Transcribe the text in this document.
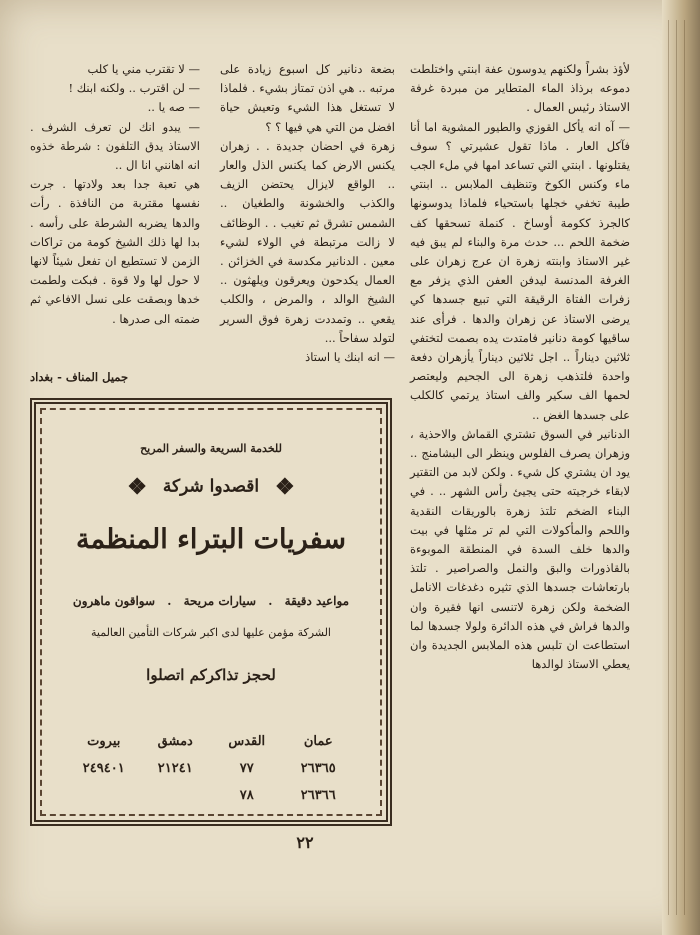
لأؤذ بشراً ولكنهم يدوسون عفة ابنتي واختلطت دموعه برذاذ الماء المتطاير من مبردة غرفة الاستاذ رئيس العمال .

— آه انه يأكل القوزي والطيور المشوية اما أنا فآكل العار . ماذا تقول عشيرتي ؟ سوف يقتلونها . ابنتي التي تساعد امها في ملء الجب ماء وكنس الكوخ وتنظيف الملابس .. ابنتي طيبة تخفي خجلها باستحياء فلماذا يدوسونها كالجرذ ككومة أوساخ . كنملة تسحقها كف ضخمة اللحم ... حدث مرة والبناء لم يبق فيه غير الاستاذ وابنته زهرة ان عرج زهران على الغرفة المدنسة ليدفن العفن الذي يزفر مع زفرات الفتاة الرقيقة التي تبيع جسدها كي يرضى الاستاذ عن زهران والدها . فرأى عند ساقيها كومة دنانير فامتدت يده بصمت لتختفي ثلاثين ديناراً .. اجل ثلاثين ديناراً يأزهران دفعة واحدة فلتذهب زهرة الى الجحيم وليعتصر لحمها الف سكير والف استاذ يرتمي كالكلب على جسدها الغض ..

الدنانير في السوق تشتري القماش والاحذية ، وزهران يصرف الفلوس وينظر الى البشامنج .. يود ان يشتري كل شيء . ولكن لابد من التقتير لابقاء خرجيته حتى يجيئ رأس الشهر .. . في البناء الضخم تلتذ زهرة بالوريقات النقدية واللحم والمأكولات التي لم تر مثلها في بيت والدها خلف السدة في المنطقة الموبوءة بالقاذورات والبق والنمل والصراصير . تلتذ بارتعاشات جسدها الذي تثيره دغدغات الانامل الضخمة ولكن زهرة لاتنسى انها فقيرة وان والدها فراش في هذه الدائرة ولولا جسدها لما استطاعت ان تلبس هذه الملابس الجديدة وان يعطي الاستاذ لوالدها

بضعة دنانير كل اسبوع زيادة على مرتبه .. هي اذن تمتاز بشيء . فلماذا لا تستغل هذا الشيء وتعيش حياة افضل من التي هي فيها ؟ ؟

زهرة في احضان جديدة . . زهران يكنس الارض كما يكنس الذل والعار .. الواقع لايزال يحتضن الزيف والكذب والخشونة والطغيان .. الشمس تشرق ثم تغيب . . الوظائف لا زالت مرتبطة في الولاء لشيء معين . الدنانير مكدسة في الخزائن . العمال يكدحون ويعرقون ويلهثون .. الشيخ الوالد ، والمرض ، والكلب يقعي .. وتمددت زهرة فوق السرير لتولد سفاحاً ...

— انه ابنك يا استاذ

— لا تقترب مني يا كلب

— لن اقترب .. ولكنه ابنك !

— صه يا ..

— يبدو انك لن تعرف الشرف . الاستاذ يدق التلفون : شرطة خذوه انه اهانني انا ال ..

هي تعبة جدا بعد ولادتها . جرت نفسها مقتربة من النافذة . رأت والدها يضربه الشرطة على رأسه . بدا لها ذلك الشيخ كومة من تراكات الزمن لا تستطيع ان تفعل شيئاً لانها لا حول لها ولا قوة . فبكت ولطمت خدها وبصقت على نسل الافاعي ثم ضمته الى صدرها .

جميل المناف - بغداد
للخدمة السريعة والسفر المريح
❖ اقصدوا شركة ❖
سفريات البتراء المنظمة
مواعيد دقيقة . سيارات مريحة . سواقون ماهرون
الشركة مؤمن عليها لدى اكبر شركات التأمين العالمية
لحجز تذاكركم اتصلوا
عمان
القدس
دمشق
بيروت
٢٦٣٦٥
٧٧
٢١٢٤١
٢٤٩٤٠١
٢٦٣٦٦
٧٨
٢٢
